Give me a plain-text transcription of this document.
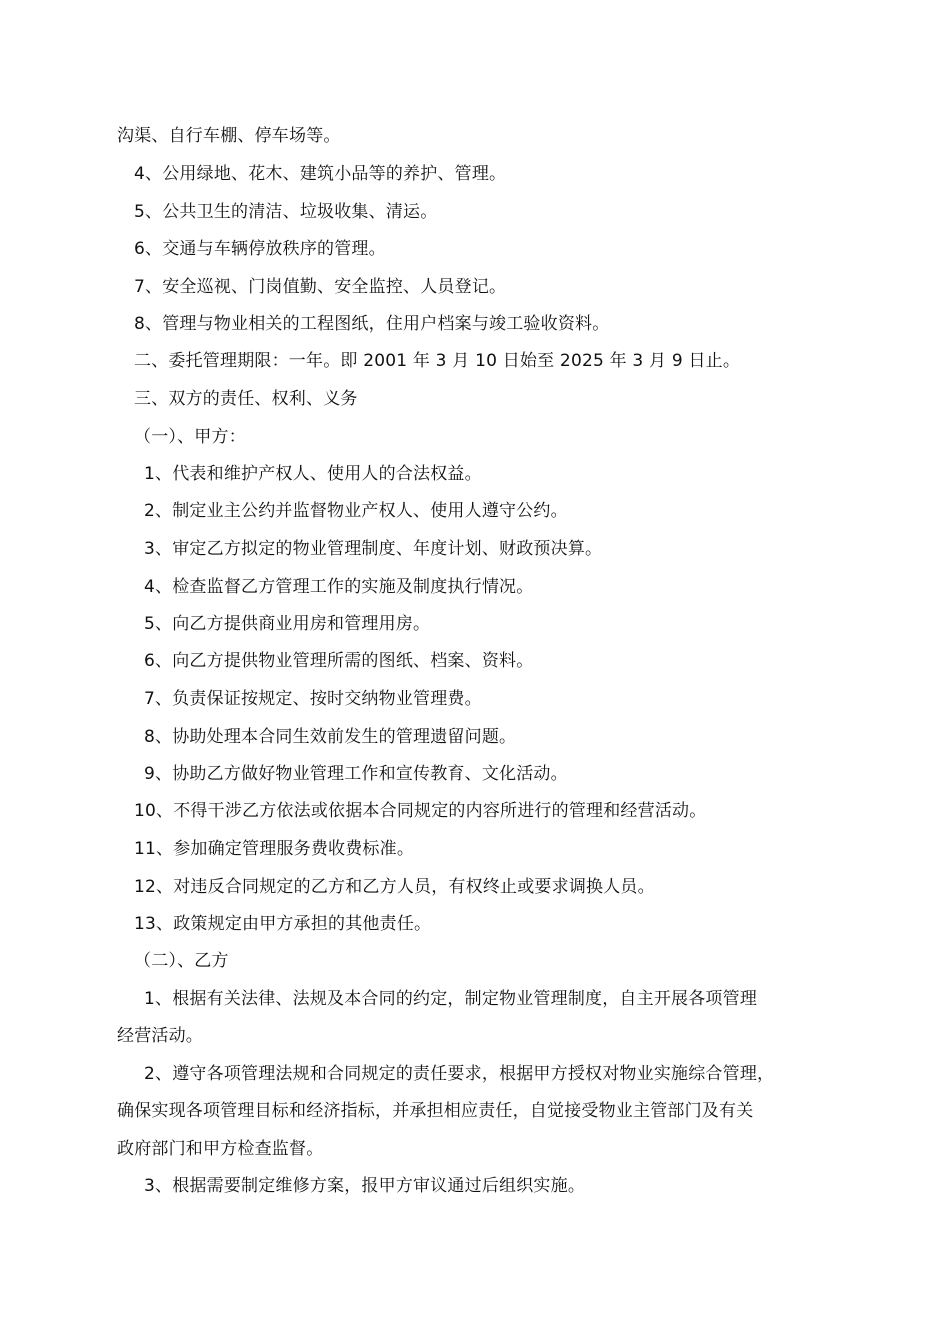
沟渠、自行车棚、停车场等。
4、公用绿地、花木、建筑小品等的养护、管理。
5、公共卫生的清洁、垃圾收集、清运。
6、交通与车辆停放秩序的管理。
7、安全巡视、门岗值勤、安全监控、人员登记。
8、管理与物业相关的工程图纸，住用户档案与竣工验收资料。
二、委托管理期限：一年。即 2001 年 3 月 10 日始至 2025 年 3 月 9 日止。
三、双方的责任、权利、义务
（一）、甲方：
1、代表和维护产权人、使用人的合法权益。
2、制定业主公约并监督物业产权人、使用人遵守公约。
3、审定乙方拟定的物业管理制度、年度计划、财政预决算。
4、检查监督乙方管理工作的实施及制度执行情况。
5、向乙方提供商业用房和管理用房。
6、向乙方提供物业管理所需的图纸、档案、资料。
7、负责保证按规定、按时交纳物业管理费。
8、协助处理本合同生效前发生的管理遗留问题。
9、协助乙方做好物业管理工作和宣传教育、文化活动。
10、不得干涉乙方依法或依据本合同规定的内容所进行的管理和经营活动。
11、参加确定管理服务费收费标准。
12、对违反合同规定的乙方和乙方人员，有权终止或要求调换人员。
13、政策规定由甲方承担的其他责任。
（二）、乙方
1、根据有关法律、法规及本合同的约定，制定物业管理制度，自主开展各项管理
经营活动。
2、遵守各项管理法规和合同规定的责任要求，根据甲方授权对物业实施综合管理，
确保实现各项管理目标和经济指标，并承担相应责任，自觉接受物业主管部门及有关
政府部门和甲方检查监督。
3、根据需要制定维修方案，报甲方审议通过后组织实施。
